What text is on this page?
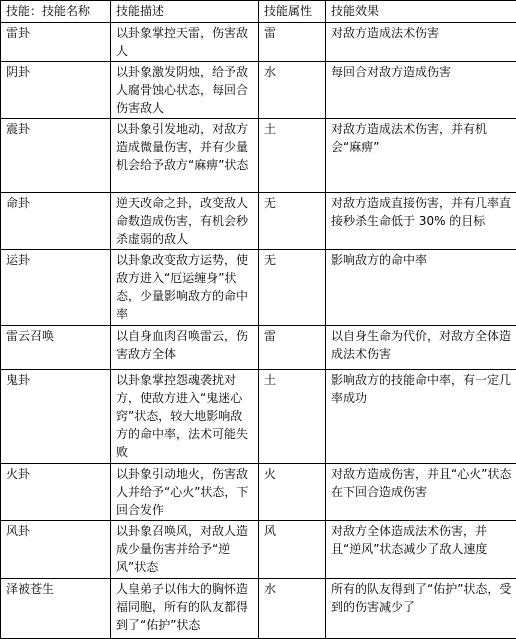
技能：技能名称	技能描述	技能属性	技能效果
雷卦	以卦象掌控天雷，伤害敌人	雷	对敌方造成法术伤害
阴卦	以卦象激发阴烛，给予敌人腐骨蚀心状态，每回合伤害敌人	水	每回合对敌方造成伤害
震卦	以卦象引发地动，对敌方造成微量伤害，并有少量机会给予敌方“麻痹”状态	土	对敌方造成法术伤害，并有机会“麻痹”
命卦	逆天改命之卦，改变敌人命数造成伤害，有机会秒杀虚弱的敌人	无	对敌方造成直接伤害，并有几率直接秒杀生命低于 30% 的目标
运卦	以卦象改变敌方运势，使敌方进入“厄运缠身”状态，少量影响敌方的命中率	无	影响敌方的命中率
雷云召唤	以自身血肉召唤雷云，伤害敌方全体	雷	以自身生命为代价，对敌方全体造成法术伤害
鬼卦	以卦象掌控怨魂袭扰对方，使敌方进入“鬼迷心窍”状态，较大地影响敌方的命中率，法术可能失败	土	影响敌方的技能命中率，有一定几率成功
火卦	以卦象引动地火，伤害敌人并给予“心火”状态，下回合发作	火	对敌方造成伤害，并且“心火”状态在下回合造成伤害
风卦	以卦象召唤风，对敌人造成少量伤害并给予“逆风”状态	风	对敌方全体造成法术伤害，并且“逆风”状态减少了敌人速度
泽被苍生	人皇弟子以伟大的胸怀造福同胞，所有的队友都得到了“佑护”状态	水	所有的队友得到了“佑护”状态，受到的伤害减少了
